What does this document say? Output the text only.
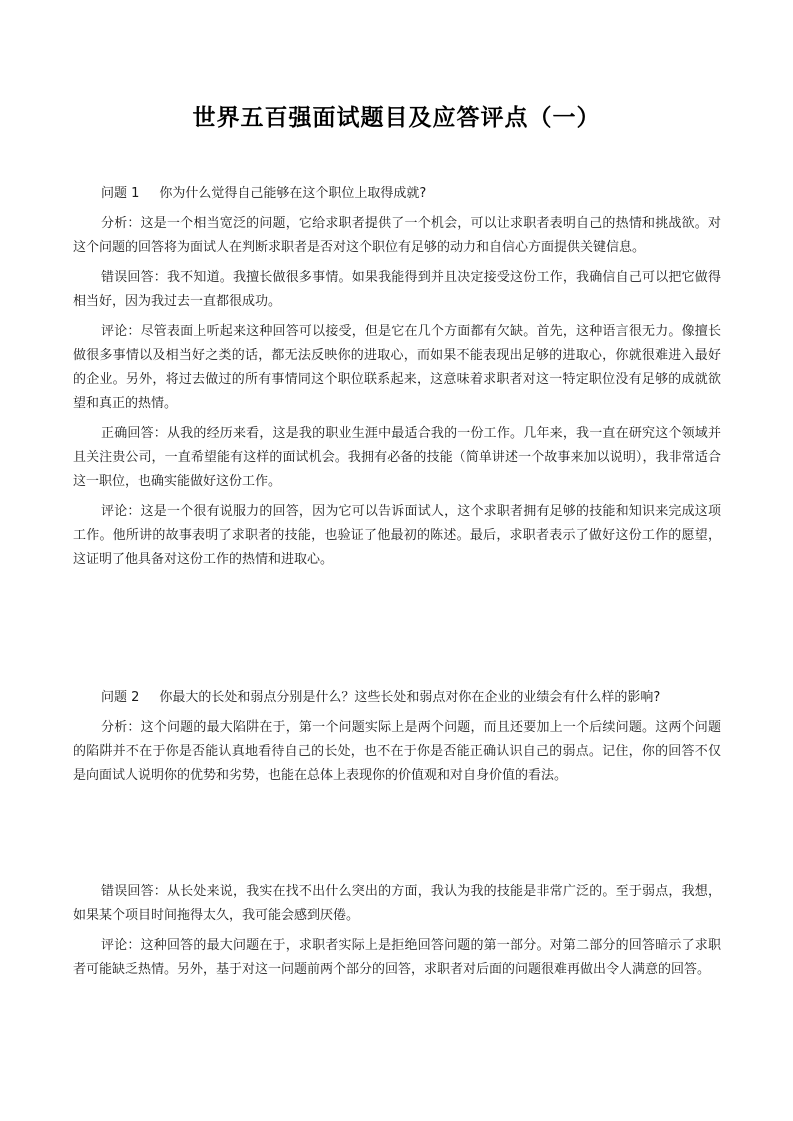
世界五百强面试题目及应答评点（一）

问题 1 你为什么觉得自己能够在这个职位上取得成就?

分析：这是一个相当宽泛的问题，它给求职者提供了一个机会，可以让求职者表明自己的热情和挑战欲。对这个问题的回答将为面试人在判断求职者是否对这个职位有足够的动力和自信心方面提供关键信息。

错误回答：我不知道。我擅长做很多事情。如果我能得到并且决定接受这份工作，我确信自己可以把它做得相当好，因为我过去一直都很成功。

评论：尽管表面上听起来这种回答可以接受，但是它在几个方面都有欠缺。首先，这种语言很无力。像擅长做很多事情以及相当好之类的话，都无法反映你的进取心，而如果不能表现出足够的进取心，你就很难进入最好的企业。另外，将过去做过的所有事情同这个职位联系起来，这意味着求职者对这一特定职位没有足够的成就欲望和真正的热情。

正确回答：从我的经历来看，这是我的职业生涯中最适合我的一份工作。几年来，我一直在研究这个领域并且关注贵公司，一直希望能有这样的面试机会。我拥有必备的技能（简单讲述一个故事来加以说明），我非常适合这一职位，也确实能做好这份工作。

评论：这是一个很有说服力的回答，因为它可以告诉面试人，这个求职者拥有足够的技能和知识来完成这项工作。他所讲的故事表明了求职者的技能，也验证了他最初的陈述。最后，求职者表示了做好这份工作的愿望，这证明了他具备对这份工作的热情和进取心。

问题 2 你最大的长处和弱点分别是什么？这些长处和弱点对你在企业的业绩会有什么样的影响?

分析：这个问题的最大陷阱在于，第一个问题实际上是两个问题，而且还要加上一个后续问题。这两个问题的陷阱并不在于你是否能认真地看待自己的长处，也不在于你是否能正确认识自己的弱点。记住，你的回答不仅是向面试人说明你的优势和劣势，也能在总体上表现你的价值观和对自身价值的看法。

错误回答：从长处来说，我实在找不出什么突出的方面，我认为我的技能是非常广泛的。至于弱点，我想，如果某个项目时间拖得太久，我可能会感到厌倦。

评论：这种回答的最大问题在于，求职者实际上是拒绝回答问题的第一部分。对第二部分的回答暗示了求职者可能缺乏热情。另外，基于对这一问题前两个部分的回答，求职者对后面的问题很难再做出令人满意的回答。
